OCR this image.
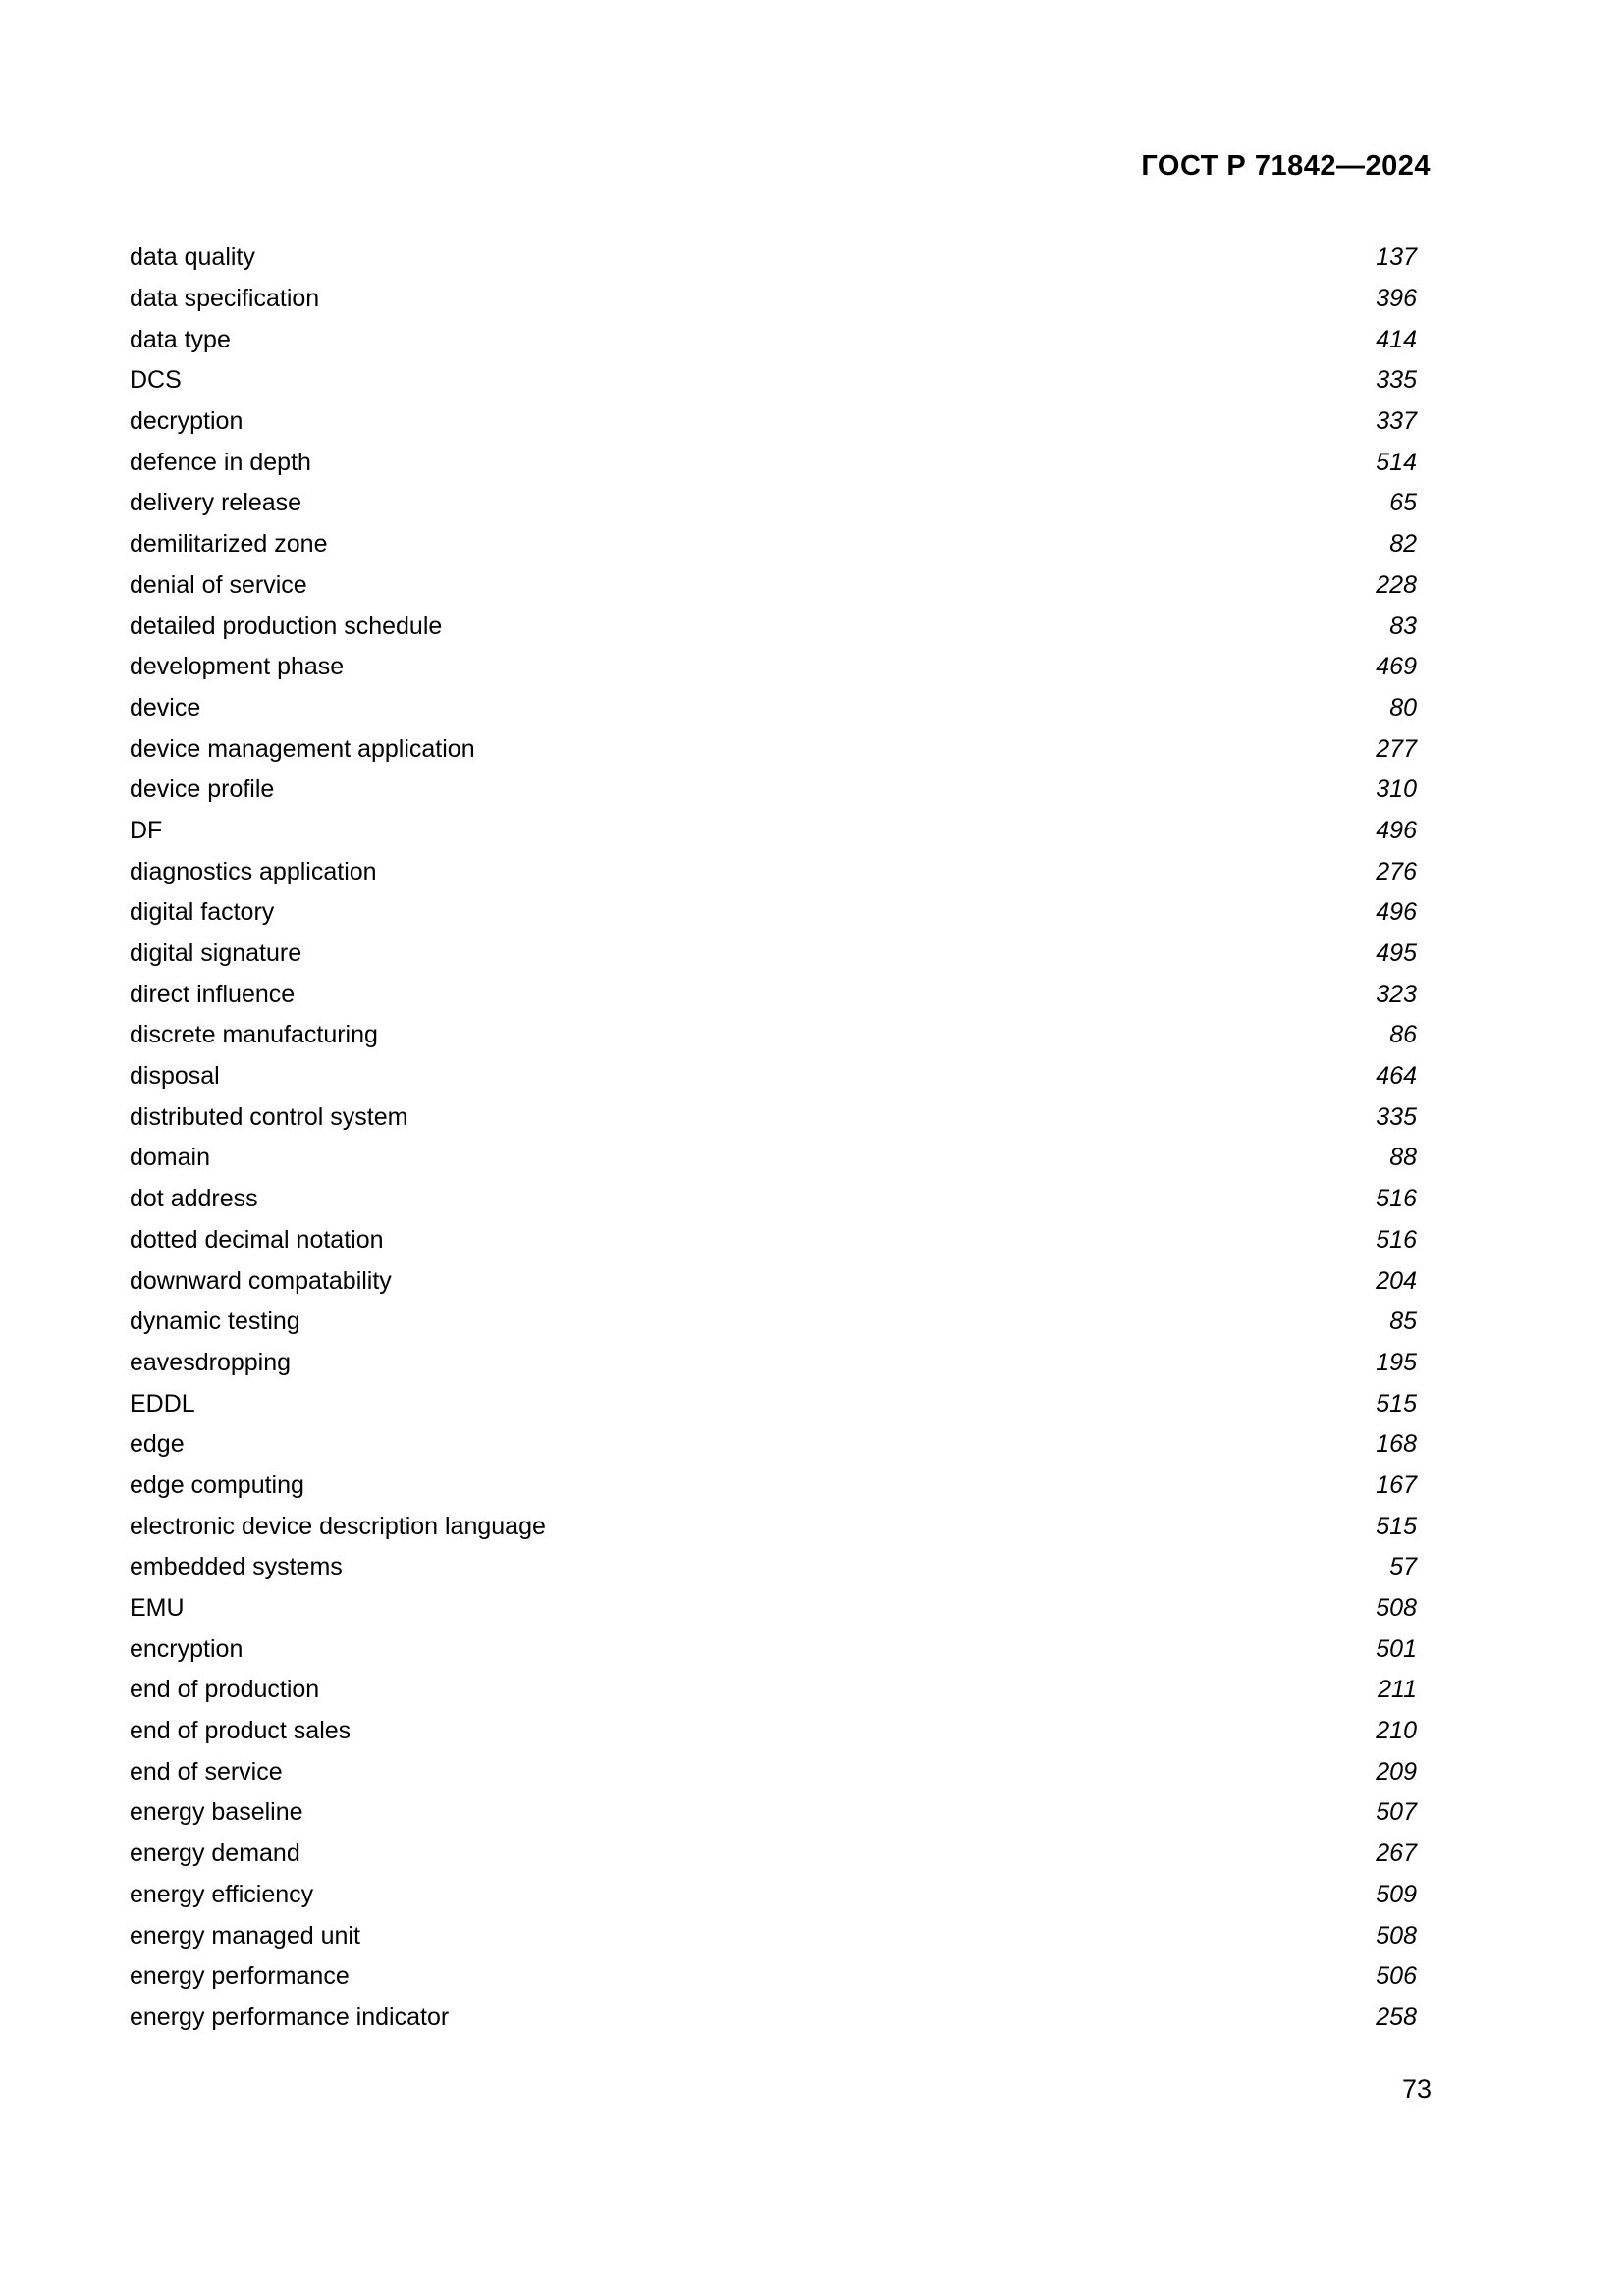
ГОСТ Р 71842—2024
data quality	137
data specification	396
data type	414
DCS	335
decryption	337
defence in depth	514
delivery release	65
demilitarized zone	82
denial of service	228
detailed production schedule	83
development phase	469
device	80
device management application	277
device profile	310
DF	496
diagnostics application	276
digital factory	496
digital signature	495
direct influence	323
discrete manufacturing	86
disposal	464
distributed control system	335
domain	88
dot address	516
dotted decimal notation	516
downward compatability	204
dynamic testing	85
eavesdropping	195
EDDL	515
edge	168
edge computing	167
electronic device description language	515
embedded systems	57
EMU	508
encryption	501
end of production	211
end of product sales	210
end of service	209
energy baseline	507
energy demand	267
energy efficiency	509
energy managed unit	508
energy performance	506
energy performance indicator	258
73
